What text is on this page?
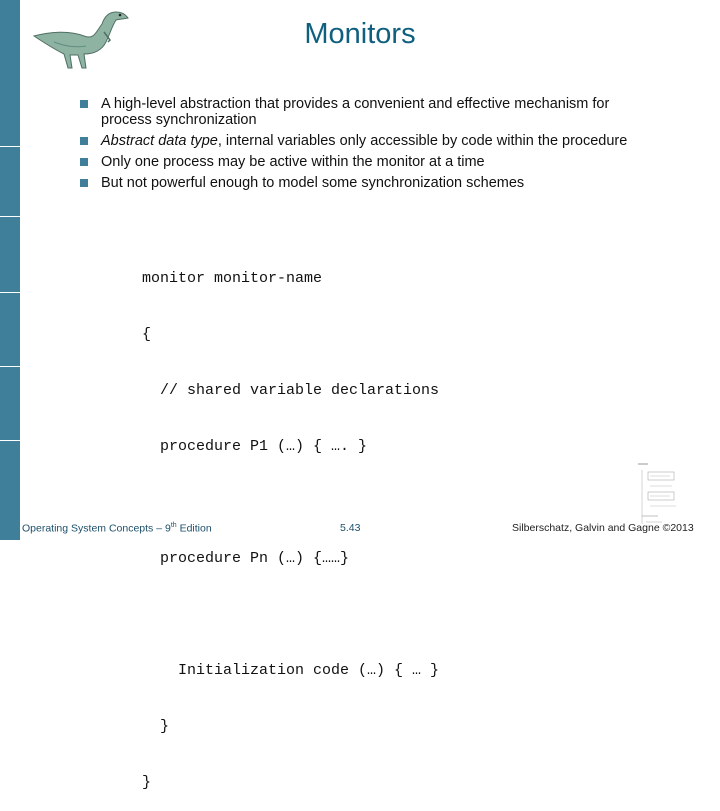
Monitors
A high-level abstraction that provides a convenient and effective mechanism for process synchronization
Abstract data type, internal variables only accessible by code within the procedure
Only one process may be active within the monitor at a time
But not powerful enough to model some synchronization schemes

monitor monitor-name

{

// shared variable declarations

procedure P1 (…) { …. }

procedure Pn (…) {……}

Initialization code (…) { … }

}

}

Operating System Concepts – 9th Edition	5.43	Silberschatz, Galvin and Gagne ©2013
